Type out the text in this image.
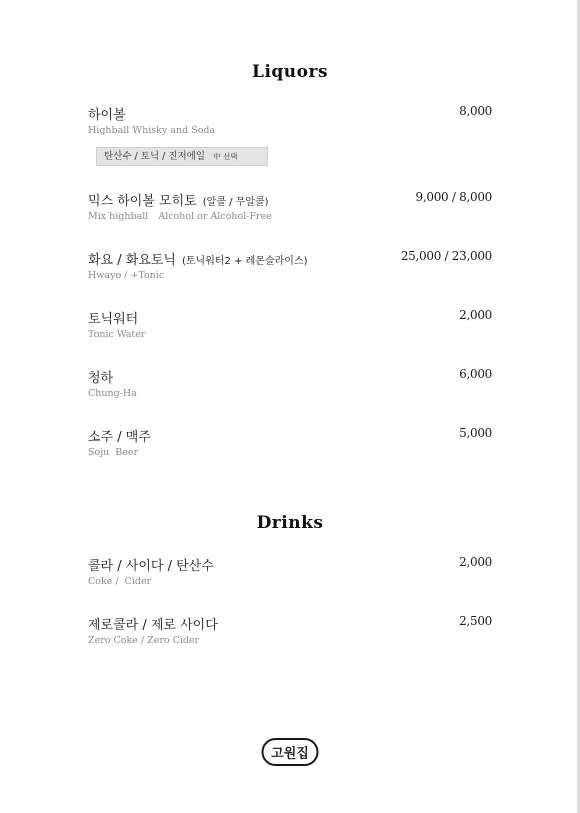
Liquors
하이볼	8,000
Highball Whisky and Soda
탄산수 / 토닉 / 진저에일 中 선택
믹스 하이볼 모히토 (알콜 / 무알콜)	9,000 / 8,000
Mix highball Alcohol or Alcohol-Free
화요 / 화요토닉 (토닉워터2 + 레몬슬라이스)	25,000 / 23,000
Hwayo / +Tonic
토닉워터	2,000
Tonic Water
청하	6,000
Chung-Ha
소주 / 맥주	5,000
Soju Beer
Drinks
콜라 / 사이다 / 탄산수	2,000
Coke / Cider
제로콜라 / 제로 사이다	2,500
Zero Coke / Zero Cider
고원집
